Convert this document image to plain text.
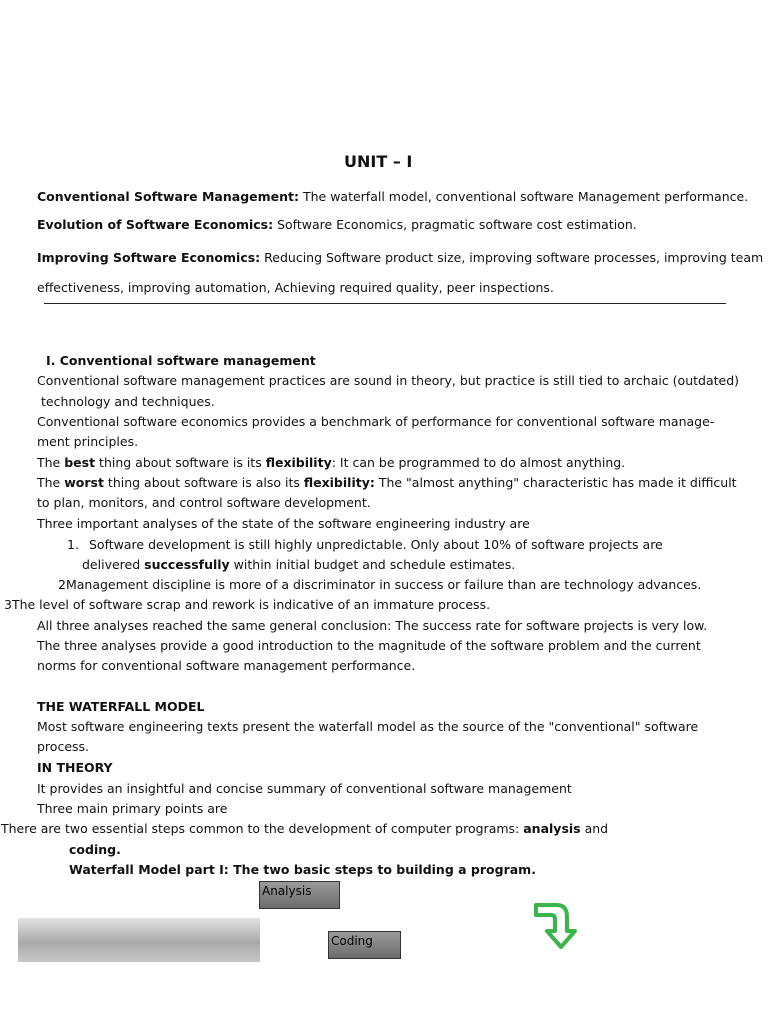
UNIT – I
Conventional Software Management: The waterfall model, conventional software Management performance.
Evolution of Software Economics: Software Economics, pragmatic software cost estimation.
Improving Software Economics: Reducing Software product size, improving software processes, improving team
effectiveness, improving automation, Achieving required quality, peer inspections.
I. Conventional software management
Conventional software management practices are sound in theory, but practice is still tied to archaic (outdated)
technology and techniques.
Conventional software economics provides a benchmark of performance for conventional software manage-
ment principles.
The best thing about software is its flexibility: It can be programmed to do almost anything.
The worst thing about software is also its flexibility: The "almost anything" characteristic has made it difficult
to plan, monitors, and control software development.
Three important analyses of the state of the software engineering industry are
1. Software development is still highly unpredictable. Only about 10% of software projects are
delivered successfully within initial budget and schedule estimates.
2Management discipline is more of a discriminator in success or failure than are technology advances.
3The level of software scrap and rework is indicative of an immature process.
All three analyses reached the same general conclusion: The success rate for software projects is very low.
The three analyses provide a good introduction to the magnitude of the software problem and the current
norms for conventional software management performance.
THE WATERFALL MODEL
Most software engineering texts present the waterfall model as the source of the "conventional" software
process.
IN THEORY
It provides an insightful and concise summary of conventional software management
Three main primary points are
There are two essential steps common to the development of computer programs: analysis and
coding.
Waterfall Model part I: The two basic steps to building a program.
Analysis
Coding
